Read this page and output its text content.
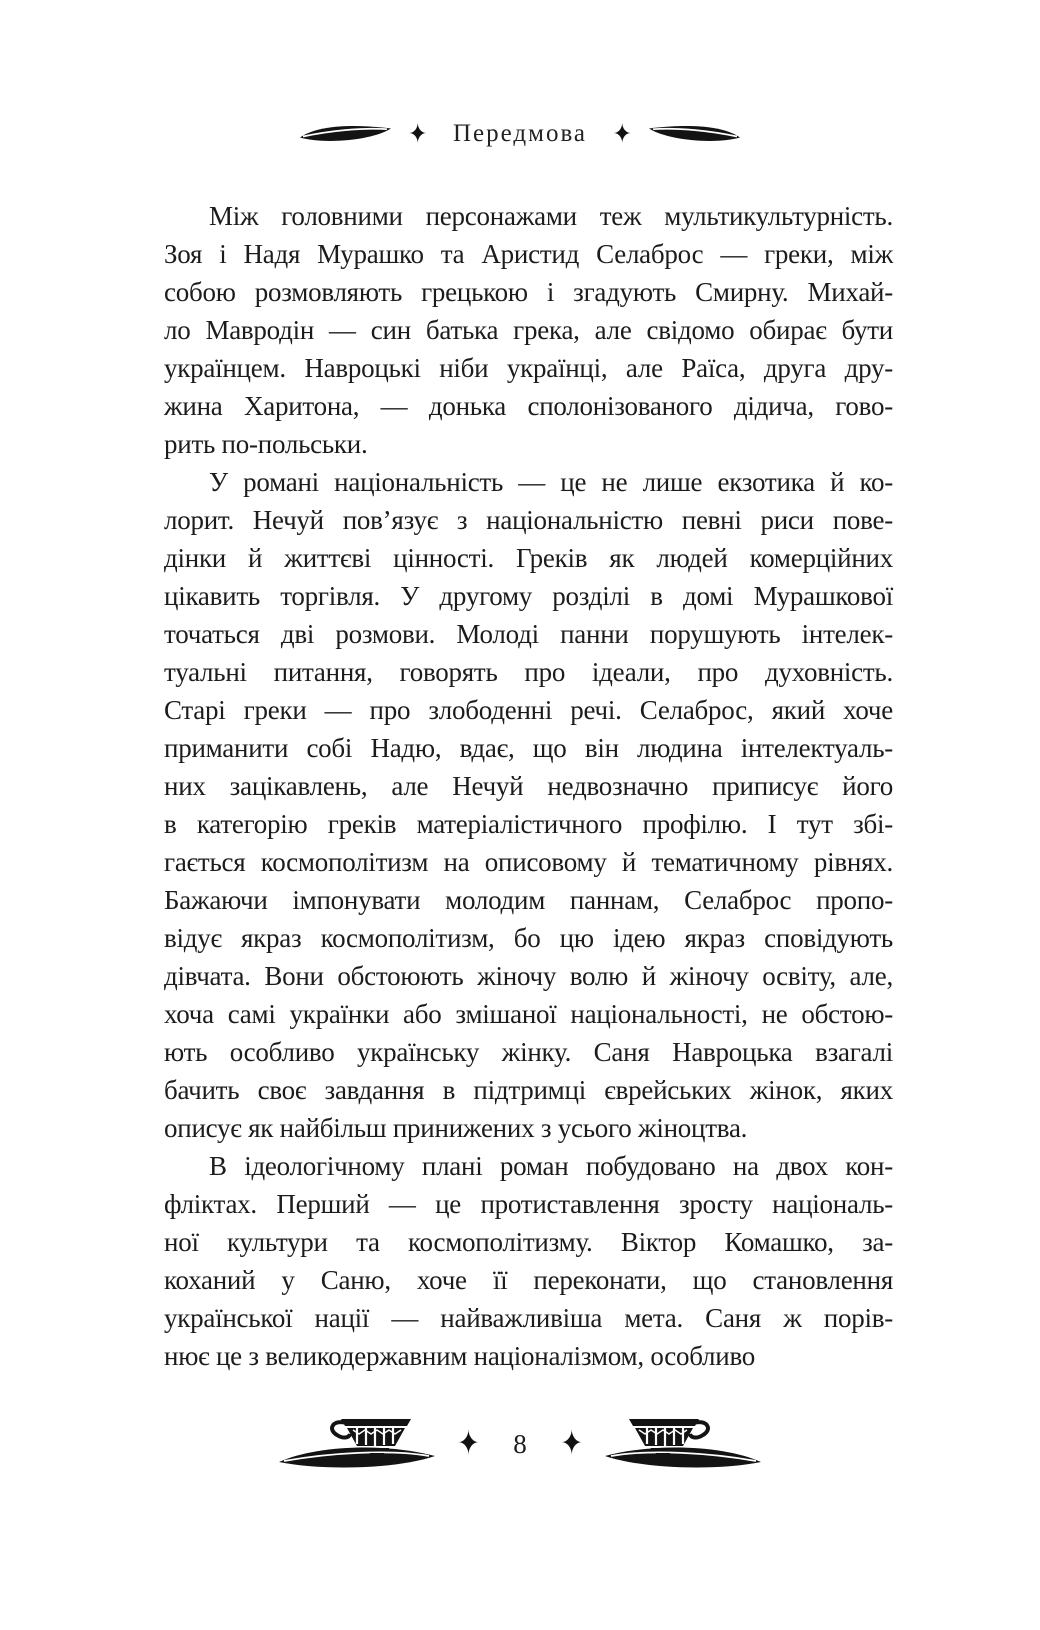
✦ Передмова ✦
Між головними персонажами теж мультикультурність.
Зоя і Надя Мурашко та Аристид Селаброс — греки, між
собою розмовляють грецькою і згадують Смирну. Михай-
ло Мавродін — син батька грека, але свідомо обирає бути
українцем. Навроцькі ніби українці, але Раїса, друга дру-
жина Харитона, — донька сполонізованого дідича, гово-
рить по-польськи.
У романі національність — це не лише екзотика й ко-
лорит. Нечуй пов’язує з національністю певні риси пове-
дінки й життєві цінності. Греків як людей комерційних
цікавить торгівля. У другому розділі в домі Мурашкової
точаться дві розмови. Молоді панни порушують інтелек-
туальні питання, говорять про ідеали, про духовність.
Старі греки — про злободенні речі. Селаброс, який хоче
приманити собі Надю, вдає, що він людина інтелектуаль-
них зацікавлень, але Нечуй недвозначно приписує його
в категорію греків матеріалістичного профілю. І тут збі-
гається космополітизм на описовому й тематичному рівнях.
Бажаючи імпонувати молодим паннам, Селаброс пропо-
відує якраз космополітизм, бо цю ідею якраз сповідують
дівчата. Вони обстоюють жіночу волю й жіночу освіту, але,
хоча самі українки або змішаної національності, не обстою-
ють особливо українську жінку. Саня Навроцька взагалі
бачить своє завдання в підтримці єврейських жінок, яких
описує як найбільш принижених з усього жіноцтва.
В ідеологічному плані роман побудовано на двох кон-
фліктах. Перший — це протиставлення зросту національ-
ної культури та космополітизму. Віктор Комашко, за-
коханий у Саню, хоче її переконати, що становлення
української нації — найважливіша мета. Саня ж порів-
нює це з великодержавним націоналізмом, особливо
✦	8	✦
